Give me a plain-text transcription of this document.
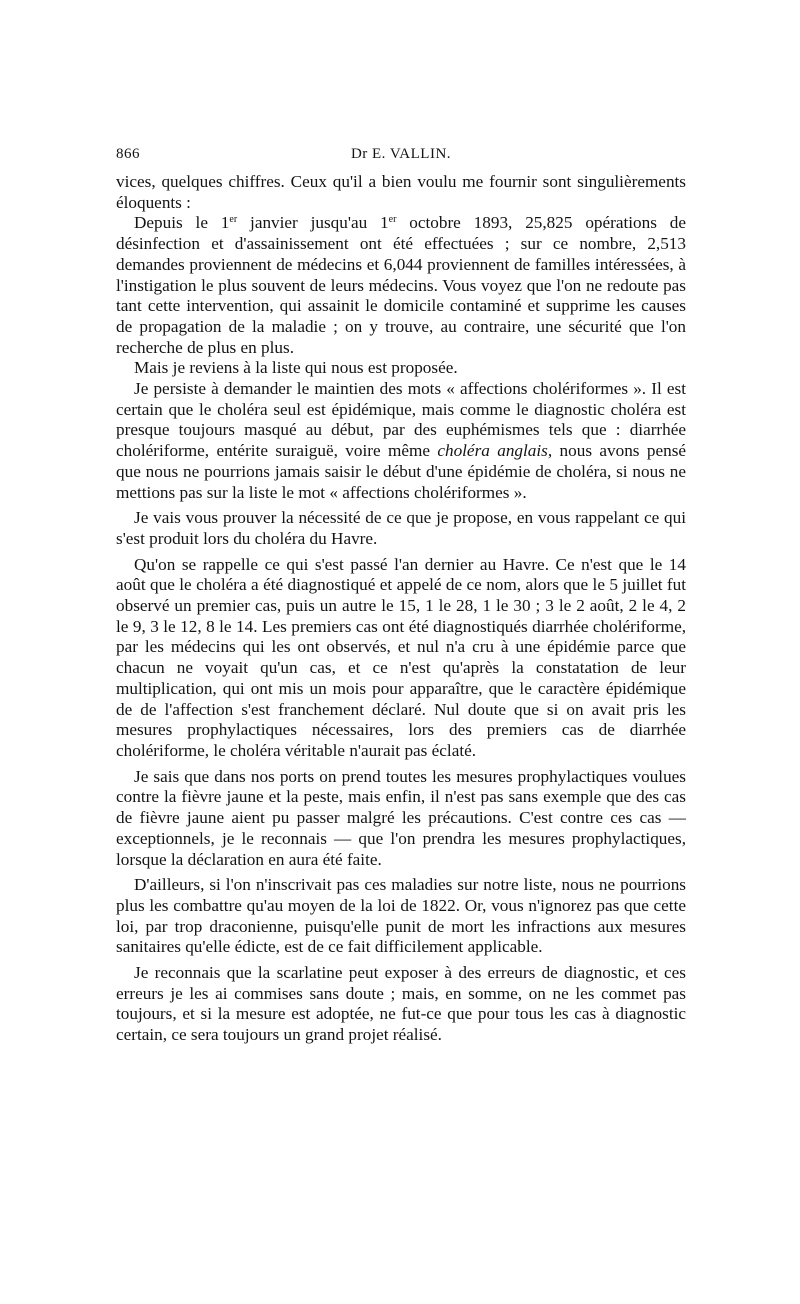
866	Dr E. VALLIN.

vices, quelques chiffres. Ceux qu'il a bien voulu me fournir sont singulièrements éloquents :

Depuis le 1er janvier jusqu'au 1er octobre 1893, 25,825 opérations de désinfection et d'assainissement ont été effectuées ; sur ce nombre, 2,513 demandes proviennent de médecins et 6,044 proviennent de familles intéressées, à l'instigation le plus souvent de leurs médecins. Vous voyez que l'on ne redoute pas tant cette intervention, qui assainit le domicile contaminé et supprime les causes de propagation de la maladie ; on y trouve, au contraire, une sécurité que l'on recherche de plus en plus.

Mais je reviens à la liste qui nous est proposée.

Je persiste à demander le maintien des mots « affections cholériformes ». Il est certain que le choléra seul est épidémique, mais comme le diagnostic choléra est presque toujours masqué au début, par des euphémismes tels que : diarrhée cholériforme, entérite suraiguë, voire même choléra anglais, nous avons pensé que nous ne pourrions jamais saisir le début d'une épidémie de choléra, si nous ne mettions pas sur la liste le mot « affections cholériformes ».

Je vais vous prouver la nécessité de ce que je propose, en vous rappelant ce qui s'est produit lors du choléra du Havre.

Qu'on se rappelle ce qui s'est passé l'an dernier au Havre. Ce n'est que le 14 août que le choléra a été diagnostiqué et appelé de ce nom, alors que le 5 juillet fut observé un premier cas, puis un autre le 15, 1 le 28, 1 le 30 ; 3 le 2 août, 2 le 4, 2 le 9, 3 le 12, 8 le 14. Les premiers cas ont été diagnostiqués diarrhée cholériforme, par les médecins qui les ont observés, et nul n'a cru à une épidémie parce que chacun ne voyait qu'un cas, et ce n'est qu'après la constatation de leur multiplication, qui ont mis un mois pour apparaître, que le caractère épidémique de de l'affection s'est franchement déclaré. Nul doute que si on avait pris les mesures prophylactiques nécessaires, lors des premiers cas de diarrhée cholériforme, le choléra véritable n'aurait pas éclaté.

Je sais que dans nos ports on prend toutes les mesures prophylactiques voulues contre la fièvre jaune et la peste, mais enfin, il n'est pas sans exemple que des cas de fièvre jaune aient pu passer malgré les précautions. C'est contre ces cas — exceptionnels, je le reconnais — que l'on prendra les mesures prophylactiques, lorsque la déclaration en aura été faite.

D'ailleurs, si l'on n'inscrivait pas ces maladies sur notre liste, nous ne pourrions plus les combattre qu'au moyen de la loi de 1822. Or, vous n'ignorez pas que cette loi, par trop draconienne, puisqu'elle punit de mort les infractions aux mesures sanitaires qu'elle édicte, est de ce fait difficilement applicable.

Je reconnais que la scarlatine peut exposer à des erreurs de diagnostic, et ces erreurs je les ai commises sans doute ; mais, en somme, on ne les commet pas toujours, et si la mesure est adoptée, ne fut-ce que pour tous les cas à diagnostic certain, ce sera toujours un grand projet réalisé.
